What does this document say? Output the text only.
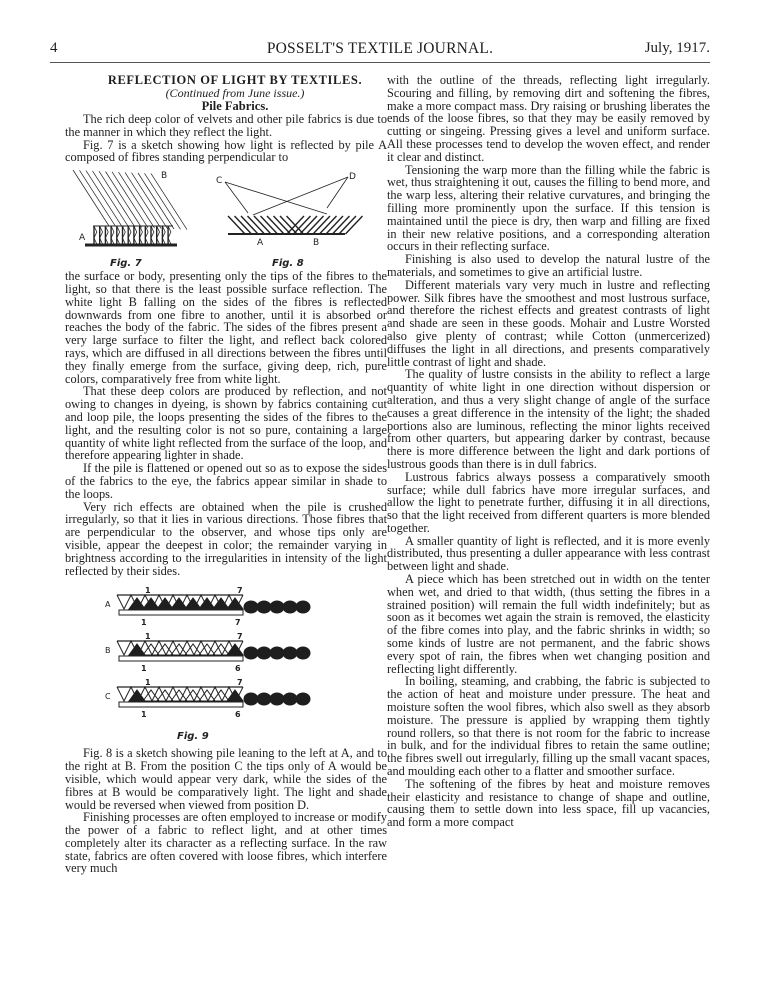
4	POSSELT'S TEXTILE JOURNAL.	July, 1917.

REFLECTION OF LIGHT BY TEXTILES.

(Continued from June issue.)

Pile Fabrics.

The rich deep color of velvets and other pile fabrics is due to the manner in which they reflect the light.

Fig. 7 is a sketch showing how light is reflected by pile A composed of fibres standing perpendicular to

A
B
Fig. 7
C	D
A	B
Fig. 8

the surface or body, presenting only the tips of the fibres to the light, so that there is the least possible surface reflection. The white light B falling on the sides of the fibres is reflected downwards from one fibre to another, until it is absorbed or reaches the body of the fabric. The sides of the fibres present a very large surface to filter the light, and reflect back colored rays, which are diffused in all directions between the fibres until they finally emerge from the surface, giving deep, rich, pure colors, comparatively free from white light.

That these deep colors are produced by reflection, and not owing to changes in dyeing, is shown by fabrics containing cut and loop pile, the loops presenting the sides of the fibres to the light, and the resulting color is not so pure, containing a large quantity of white light reflected from the surface of the loop, and therefore appearing lighter in shade.

If the pile is flattened or opened out so as to expose the sides of the fabrics to the eye, the fabrics appear similar in shade to the loops.

Very rich effects are obtained when the pile is crushed irregularly, so that it lies in various directions. Those fibres that are perpendicular to the observer, and whose tips only are visible, appear the deepest in color; the remainder varying in brightness according to the irregularities in intensity of the light reflected by their sides.

1	7
A
1	7
1	7
B
1	6
1	7
C
1	6
Fig. 9

Fig. 8 is a sketch showing pile leaning to the left at A, and to the right at B. From the position C the tips only of A would be visible, which would appear very dark, while the sides of the fibres at B would be comparatively light. The light and shade would be reversed when viewed from position D.

Finishing processes are often employed to increase or modify the power of a fabric to reflect light, and at other times completely alter its character as a reflecting surface. In the raw state, fabrics are often covered with loose fibres, which interfere very much

with the outline of the threads, reflecting light irregularly. Scouring and filling, by removing dirt and softening the fibres, make a more compact mass. Dry raising or brushing liberates the ends of the loose fibres, so that they may be easily removed by cutting or singeing. Pressing gives a level and uniform surface. All these processes tend to develop the woven effect, and render it clear and distinct.

Tensioning the warp more than the filling while the fabric is wet, thus straightening it out, causes the filling to bend more, and the warp less, altering their relative curvatures, and bringing the filling more prominently upon the surface. If this tension is maintained until the piece is dry, then warp and filling are fixed in their new relative positions, and a corresponding alteration occurs in their reflecting surface.

Finishing is also used to develop the natural lustre of the materials, and sometimes to give an artificial lustre.

Different materials vary very much in lustre and reflecting power. Silk fibres have the smoothest and most lustrous surface, and therefore the richest effects and greatest contrasts of light and shade are seen in these goods. Mohair and Lustre Worsted also give plenty of contrast; while Cotton (unmercerized) diffuses the light in all directions, and presents comparatively little contrast of light and shade.

The quality of lustre consists in the ability to reflect a large quantity of white light in one direction without dispersion or alteration, and thus a very slight change of angle of the surface causes a great difference in the intensity of the light; the shaded portions also are luminous, reflecting the minor lights received from other quarters, but appearing darker by contrast, because there is more difference between the light and dark portions of lustrous goods than there is in dull fabrics.

Lustrous fabrics always possess a comparatively smooth surface; while dull fabrics have more irregular surfaces, and allow the light to penetrate further, diffusing it in all directions, so that the light received from different quarters is more blended together.

A smaller quantity of light is reflected, and it is more evenly distributed, thus presenting a duller appearance with less contrast between light and shade.

A piece which has been stretched out in width on the tenter when wet, and dried to that width, (thus setting the fibres in a strained position) will remain the full width indefinitely; but as soon as it becomes wet again the strain is removed, the elasticity of the fibre comes into play, and the fabric shrinks in width; so some kinds of lustre are not permanent, and the fabric shows every spot of rain, the fibres when wet changing position and reflecting light differently.

In boiling, steaming, and crabbing, the fabric is subjected to the action of heat and moisture under pressure. The heat and moisture soften the wool fibres, which also swell as they absorb moisture. The pressure is applied by wrapping them tightly round rollers, so that there is not room for the fabric to increase in bulk, and for the individual fibres to retain the same outline; the fibres swell out irregularly, filling up the small vacant spaces, and moulding each other to a flatter and smoother surface.

The softening of the fibres by heat and moisture removes their elasticity and resistance to change of shape and outline, causing them to settle down into less space, fill up vacancies, and form a more compact
